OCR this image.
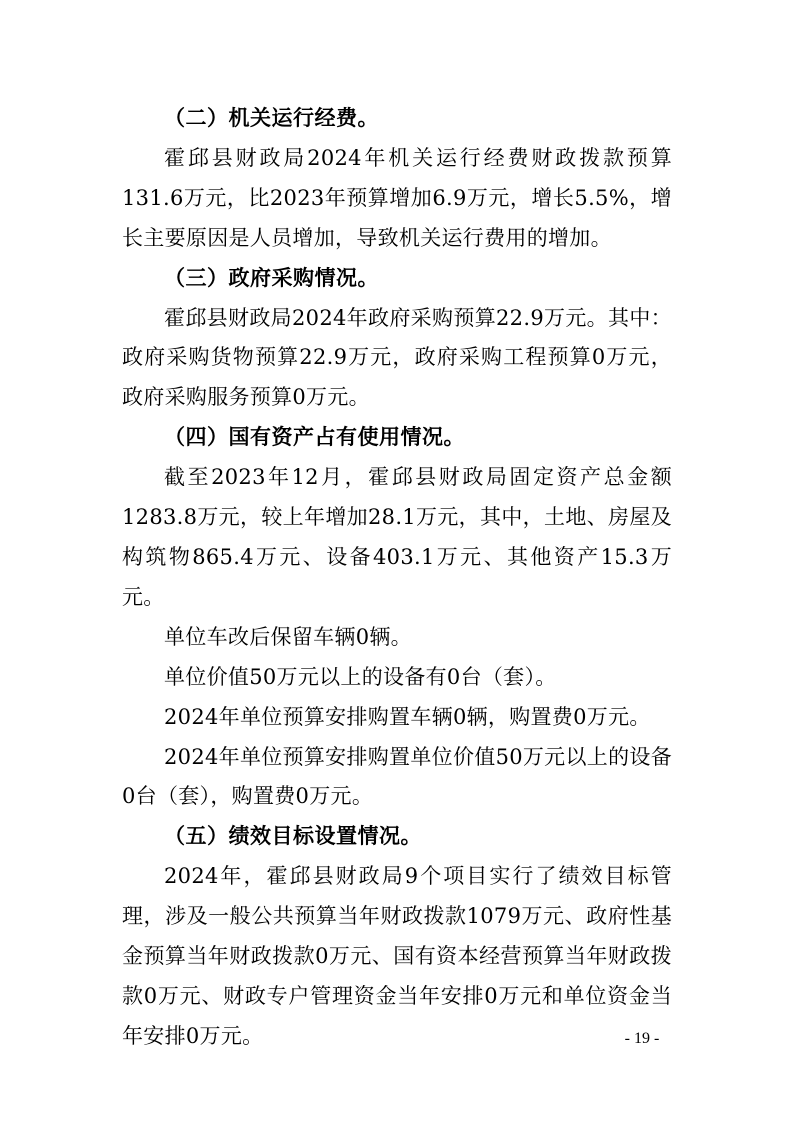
（二）机关运行经费。

霍邱县财政局2024年机关运行经费财政拨款预算131.6万元，比2023年预算增加6.9万元，增长5.5%，增长主要原因是人员增加，导致机关运行费用的增加。

（三）政府采购情况。

霍邱县财政局2024年政府采购预算22.9万元。其中：政府采购货物预算22.9万元，政府采购工程预算0万元，政府采购服务预算0万元。

（四）国有资产占有使用情况。

截至2023年12月，霍邱县财政局固定资产总金额1283.8万元，较上年增加28.1万元，其中，土地、房屋及构筑物865.4万元、设备403.1万元、其他资产15.3万元。

单位车改后保留车辆0辆。

单位价值50万元以上的设备有0台（套）。

2024年单位预算安排购置车辆0辆，购置费0万元。

2024年单位预算安排购置单位价值50万元以上的设备0台（套），购置费0万元。

（五）绩效目标设置情况。

2024年，霍邱县财政局9个项目实行了绩效目标管理，涉及一般公共预算当年财政拨款1079万元、政府性基金预算当年财政拨款0万元、国有资本经营预算当年财政拨款0万元、财政专户管理资金当年安排0万元和单位资金当年安排0万元。	- 19 -
